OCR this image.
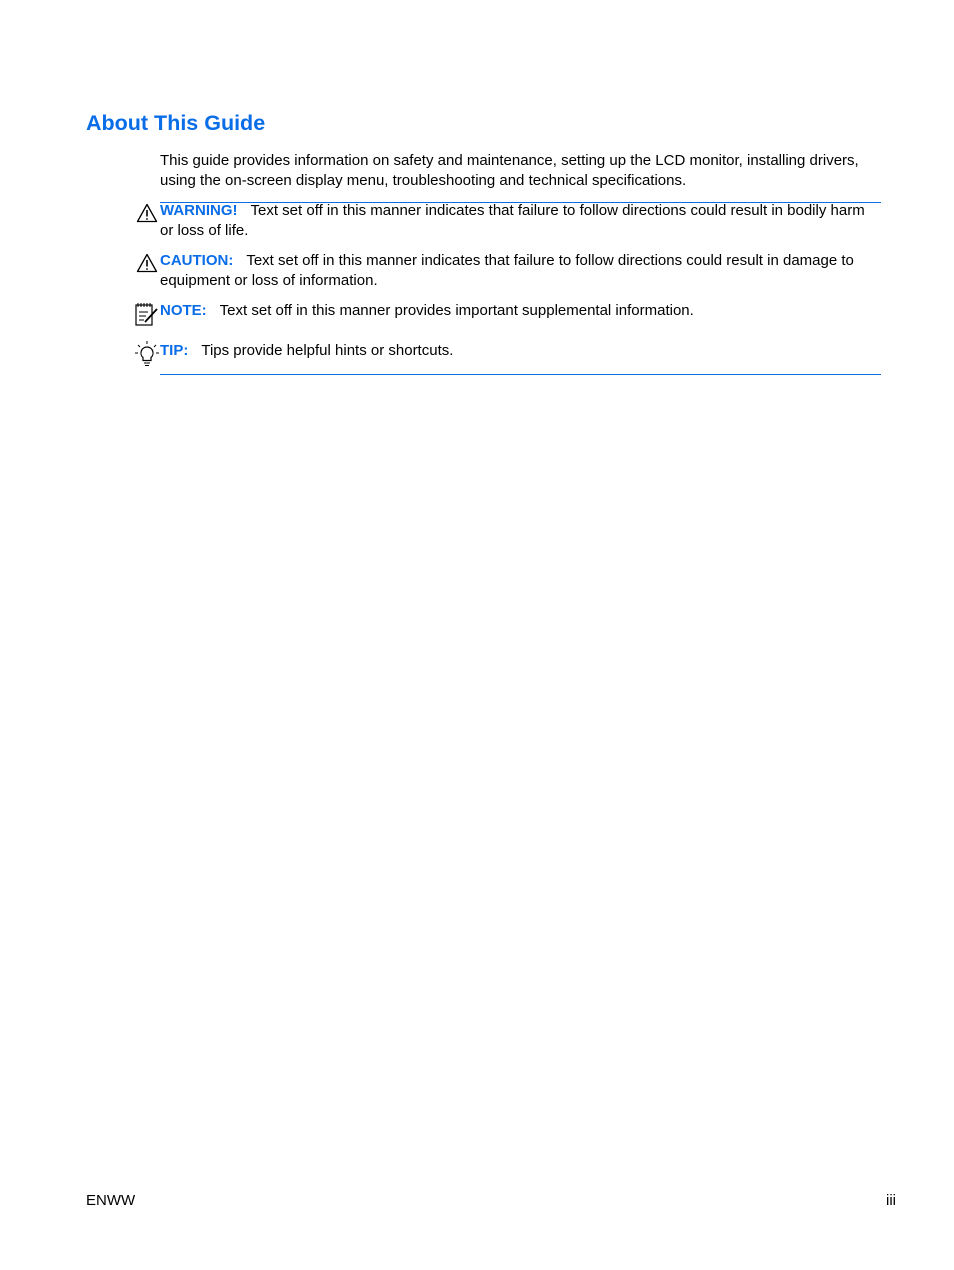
About This Guide

This guide provides information on safety and maintenance, setting up the LCD monitor, installing drivers, using the on-screen display menu, troubleshooting and technical specifications.

WARNING! Text set off in this manner indicates that failure to follow directions could result in bodily harm or loss of life.
CAUTION: Text set off in this manner indicates that failure to follow directions could result in damage to equipment or loss of information.
NOTE: Text set off in this manner provides important supplemental information.
TIP: Tips provide helpful hints or shortcuts.
ENWW	iii
